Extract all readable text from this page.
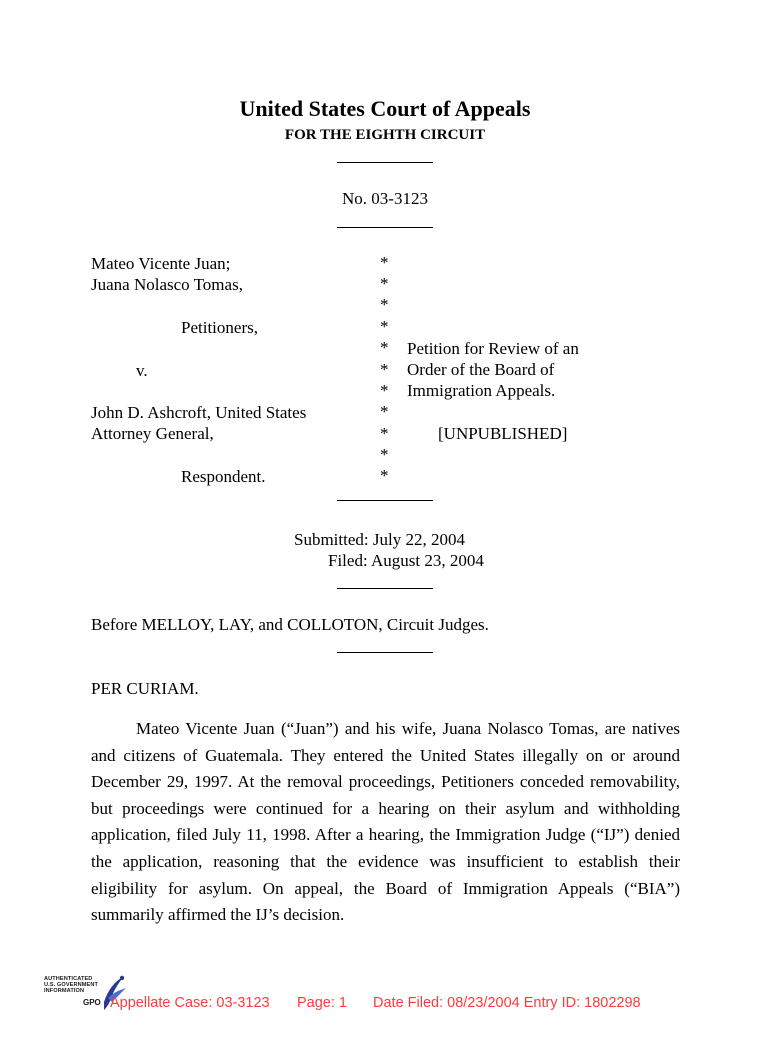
United States Court of Appeals
FOR THE EIGHTH CIRCUIT
No. 03-3123
Mateo Vicente Juan;
Juana Nolasco Tomas,
Petitioners,
v.
John D. Ashcroft, United States
Attorney General,
Respondent.
*
*
*
*
*
*
*
*
*
*
*
Petition for Review of an
Order of the Board of
Immigration Appeals.
[UNPUBLISHED]
Submitted: July 22, 2004
Filed: August 23, 2004
Before MELLOY, LAY, and COLLOTON, Circuit Judges.
PER CURIAM.
Mateo Vicente Juan (“Juan”) and his wife, Juana Nolasco Tomas, are natives
and citizens of Guatemala. They entered the United States illegally on or around
December 29, 1997. At the removal proceedings, Petitioners conceded removability,
but proceedings were continued for a hearing on their asylum and withholding
application, filed July 11, 1998. After a hearing, the Immigration Judge (“IJ”) denied
the application, reasoning that the evidence was insufficient to establish their
eligibility for asylum. On appeal, the Board of Immigration Appeals (“BIA”)
summarily affirmed the IJ’s decision.
AUTHENTICATED
U.S. GOVERNMENT
INFORMATION
GPO

Appellate Case: 03-3123

Page: 1

Date Filed: 08/23/2004 Entry ID: 1802298
